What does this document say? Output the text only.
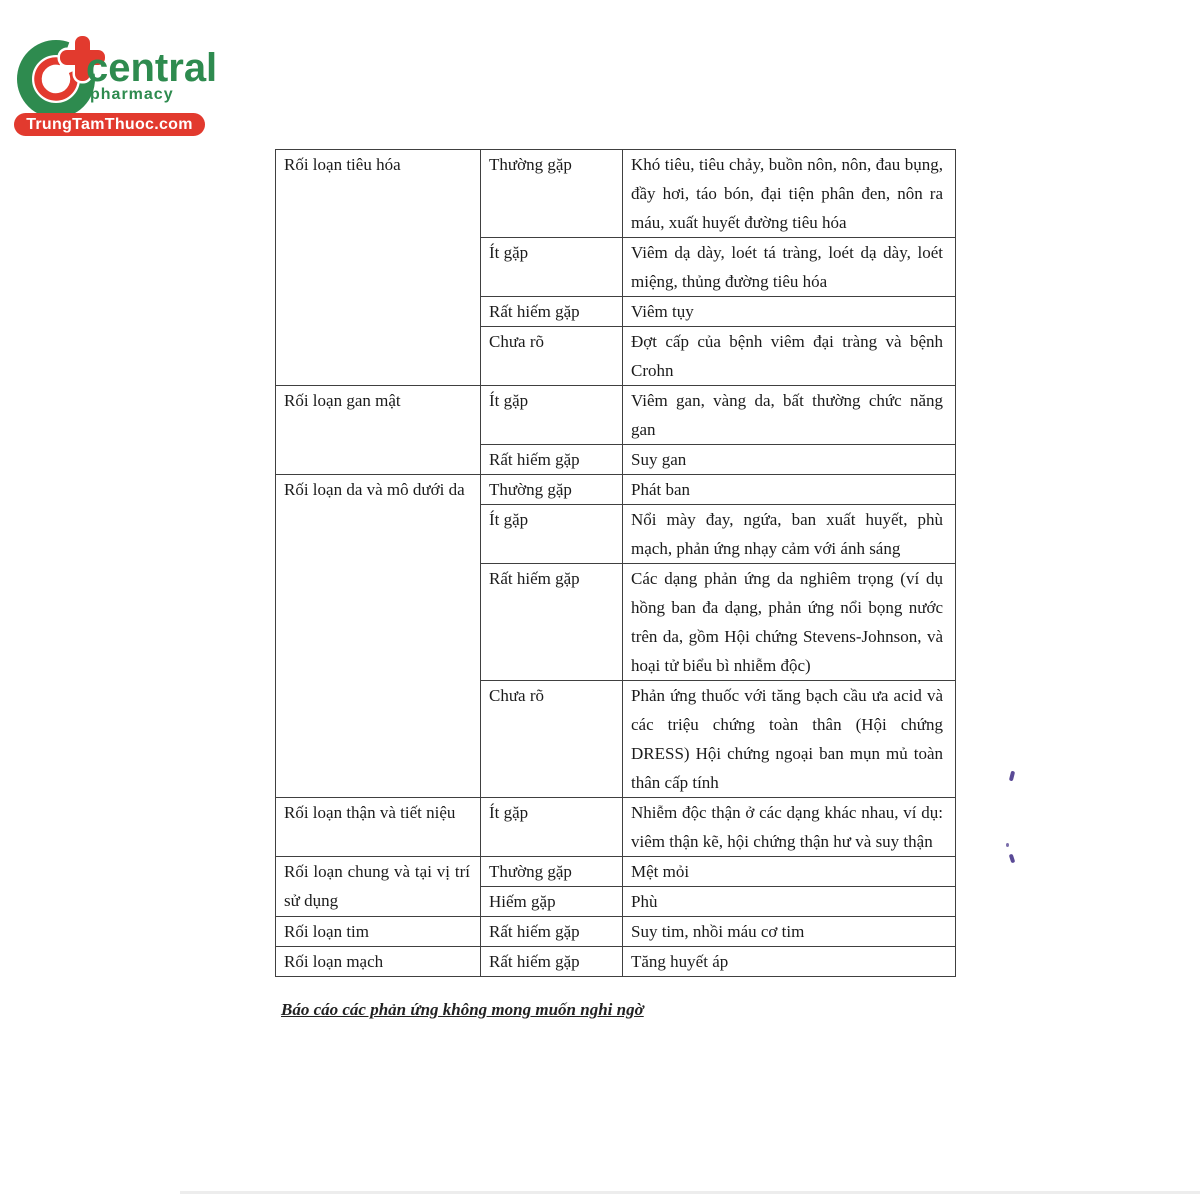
central
pharmacy
TrungTamThuoc.com
Rối loạn tiêu hóa	Thường gặp	Khó tiêu, tiêu chảy, buồn nôn, nôn, đau bụng, đầy hơi, táo bón, đại tiện phân đen, nôn ra máu, xuất huyết đường tiêu hóa
	Ít gặp	Viêm dạ dày, loét tá tràng, loét dạ dày, loét miệng, thủng đường tiêu hóa
	Rất hiếm gặp	Viêm tụy
	Chưa rõ	Đợt cấp của bệnh viêm đại tràng và bệnh Crohn
Rối loạn gan mật	Ít gặp	Viêm gan, vàng da, bất thường chức năng gan
	Rất hiếm gặp	Suy gan
Rối loạn da và mô dưới da	Thường gặp	Phát ban
	Ít gặp	Nổi mày đay, ngứa, ban xuất huyết, phù mạch, phản ứng nhạy cảm với ánh sáng
	Rất hiếm gặp	Các dạng phản ứng da nghiêm trọng (ví dụ hồng ban đa dạng, phản ứng nổi bọng nước trên da, gồm Hội chứng Stevens-Johnson, và hoại tử biểu bì nhiễm độc)
	Chưa rõ	Phản ứng thuốc với tăng bạch cầu ưa acid và các triệu chứng toàn thân (Hội chứng DRESS) Hội chứng ngoại ban mụn mủ toàn thân cấp tính
Rối loạn thận và tiết niệu	Ít gặp	Nhiễm độc thận ở các dạng khác nhau, ví dụ: viêm thận kẽ, hội chứng thận hư và suy thận
Rối loạn chung và tại vị trí sử dụng	Thường gặp	Mệt mỏi
	Hiếm gặp	Phù
Rối loạn tim	Rất hiếm gặp	Suy tim, nhồi máu cơ tim
Rối loạn mạch	Rất hiếm gặp	Tăng huyết áp
Báo cáo các phản ứng không mong muốn nghi ngờ
